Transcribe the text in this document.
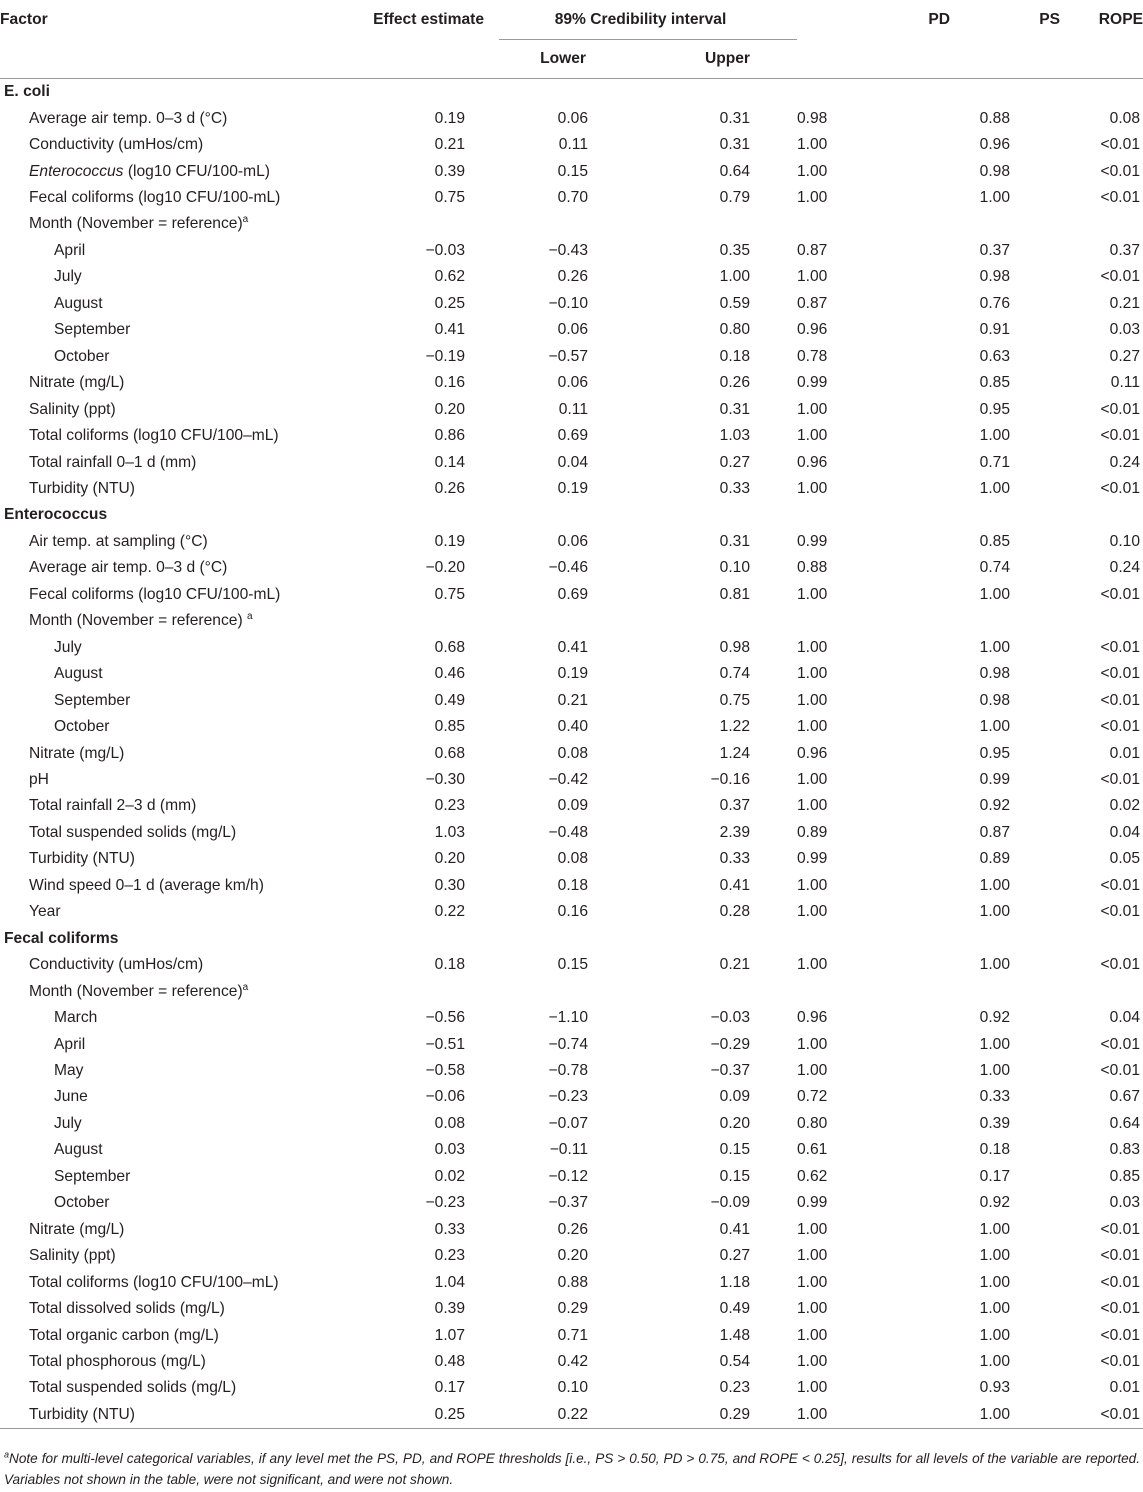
Factor	Effect estimate	89% Credibility interval		PD	PS	ROPE
		Lower	Upper			
E. coli						
Average air temp. 0–3 d (°C)	0.19	0.06	0.31	0.98	0.88	0.08
Conductivity (umHos/cm)	0.21	0.11	0.31	1.00	0.96	<0.01
Enterococcus (log10 CFU/100-mL)	0.39	0.15	0.64	1.00	0.98	<0.01
Fecal coliforms (log10 CFU/100-mL)	0.75	0.70	0.79	1.00	1.00	<0.01
Month (November = reference)$^a$						
April	−0.03	−0.43	0.35	0.87	0.37	0.37
July	0.62	0.26	1.00	1.00	0.98	<0.01
August	0.25	−0.10	0.59	0.87	0.76	0.21
September	0.41	0.06	0.80	0.96	0.91	0.03
October	−0.19	−0.57	0.18	0.78	0.63	0.27
Nitrate (mg/L)	0.16	0.06	0.26	0.99	0.85	0.11
Salinity (ppt)	0.20	0.11	0.31	1.00	0.95	<0.01
Total coliforms (log10 CFU/100–mL)	0.86	0.69	1.03	1.00	1.00	<0.01
Total rainfall 0–1 d (mm)	0.14	0.04	0.27	0.96	0.71	0.24
Turbidity (NTU)	0.26	0.19	0.33	1.00	1.00	<0.01
Enterococcus						
Air temp. at sampling (°C)	0.19	0.06	0.31	0.99	0.85	0.10
Average air temp. 0–3 d (°C)	−0.20	−0.46	0.10	0.88	0.74	0.24
Fecal coliforms (log10 CFU/100-mL)	0.75	0.69	0.81	1.00	1.00	<0.01
Month (November = reference) $^a$						
July	0.68	0.41	0.98	1.00	1.00	<0.01
August	0.46	0.19	0.74	1.00	0.98	<0.01
September	0.49	0.21	0.75	1.00	0.98	<0.01
October	0.85	0.40	1.22	1.00	1.00	<0.01
Nitrate (mg/L)	0.68	0.08	1.24	0.96	0.95	0.01
pH	−0.30	−0.42	−0.16	1.00	0.99	<0.01
Total rainfall 2–3 d (mm)	0.23	0.09	0.37	1.00	0.92	0.02
Total suspended solids (mg/L)	1.03	−0.48	2.39	0.89	0.87	0.04
Turbidity (NTU)	0.20	0.08	0.33	0.99	0.89	0.05
Wind speed 0–1 d (average km/h)	0.30	0.18	0.41	1.00	1.00	<0.01
Year	0.22	0.16	0.28	1.00	1.00	<0.01
Fecal coliforms						
Conductivity (umHos/cm)	0.18	0.15	0.21	1.00	1.00	<0.01
Month (November = reference)$^a$						
March	−0.56	−1.10	−0.03	0.96	0.92	0.04
April	−0.51	−0.74	−0.29	1.00	1.00	<0.01
May	−0.58	−0.78	−0.37	1.00	1.00	<0.01
June	−0.06	−0.23	0.09	0.72	0.33	0.67
July	0.08	−0.07	0.20	0.80	0.39	0.64
August	0.03	−0.11	0.15	0.61	0.18	0.83
September	0.02	−0.12	0.15	0.62	0.17	0.85
October	−0.23	−0.37	−0.09	0.99	0.92	0.03
Nitrate (mg/L)	0.33	0.26	0.41	1.00	1.00	<0.01
Salinity (ppt)	0.23	0.20	0.27	1.00	1.00	<0.01
Total coliforms (log10 CFU/100–mL)	1.04	0.88	1.18	1.00	1.00	<0.01
Total dissolved solids (mg/L)	0.39	0.29	0.49	1.00	1.00	<0.01
Total organic carbon (mg/L)	1.07	0.71	1.48	1.00	1.00	<0.01
Total phosphorous (mg/L)	0.48	0.42	0.54	1.00	1.00	<0.01
Total suspended solids (mg/L)	0.17	0.10	0.23	1.00	0.93	0.01
Turbidity (NTU)	0.25	0.22	0.29	1.00	1.00	<0.01
$^a$Note for multi-level categorical variables, if any level met the PS, PD, and ROPE thresholds [i.e., PS > 0.50, PD > 0.75, and ROPE < 0.25], results for all levels of the variable are reported. Variables not shown in the table, were not significant, and were not shown.
